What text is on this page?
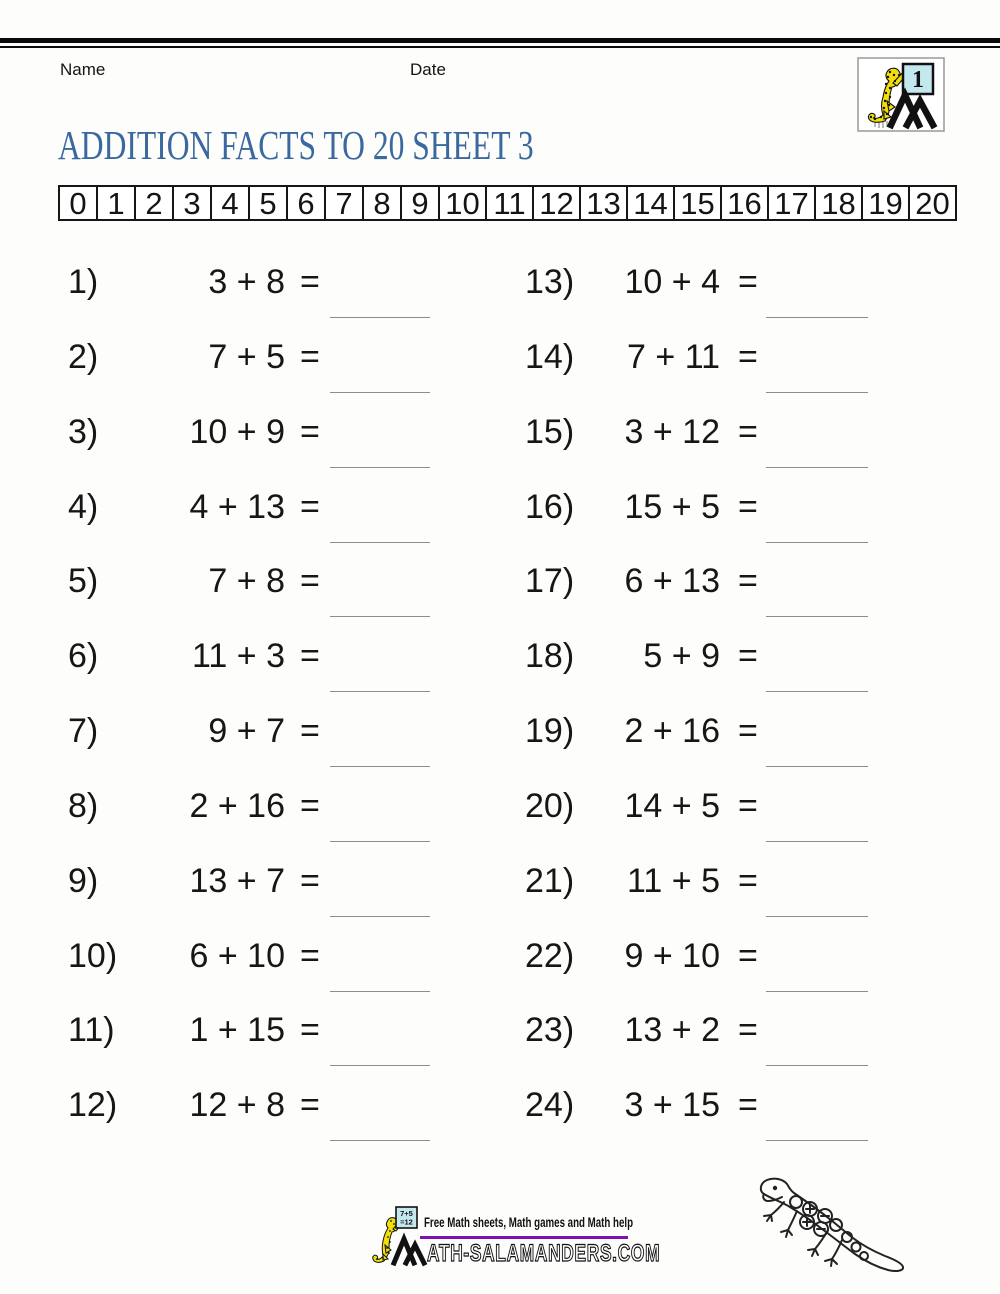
Name	Date	1
ADDITION FACTS TO 20 SHEET 3
0 1 2 3 4 5 6 7 8 9 10 11 12 13 14 15 16 17 18 19 20
1)	3 + 8 =
2)	7 + 5 =
3)	10 + 9 =
4)	4 + 13 =
5)	7 + 8 =
6)	11 + 3 =
7)	9 + 7 =
8)	2 + 16 =
9)	13 + 7 =
10)	6 + 10 =
11)	1 + 15 =
12)	12 + 8 =
13)	10 + 4 =
14)	7 + 11 =
15)	3 + 12 =
16)	15 + 5 =
17)	6 + 13 =
18)	5 + 9 =
19)	2 + 16 =
20)	14 + 5 =
21)	11 + 5 =
22)	9 + 10 =
23)	13 + 2 =
24)	3 + 15 =
7+5
=12 Free Math sheets, Math games and Math help
ATH-SALAMANDERS.COM
